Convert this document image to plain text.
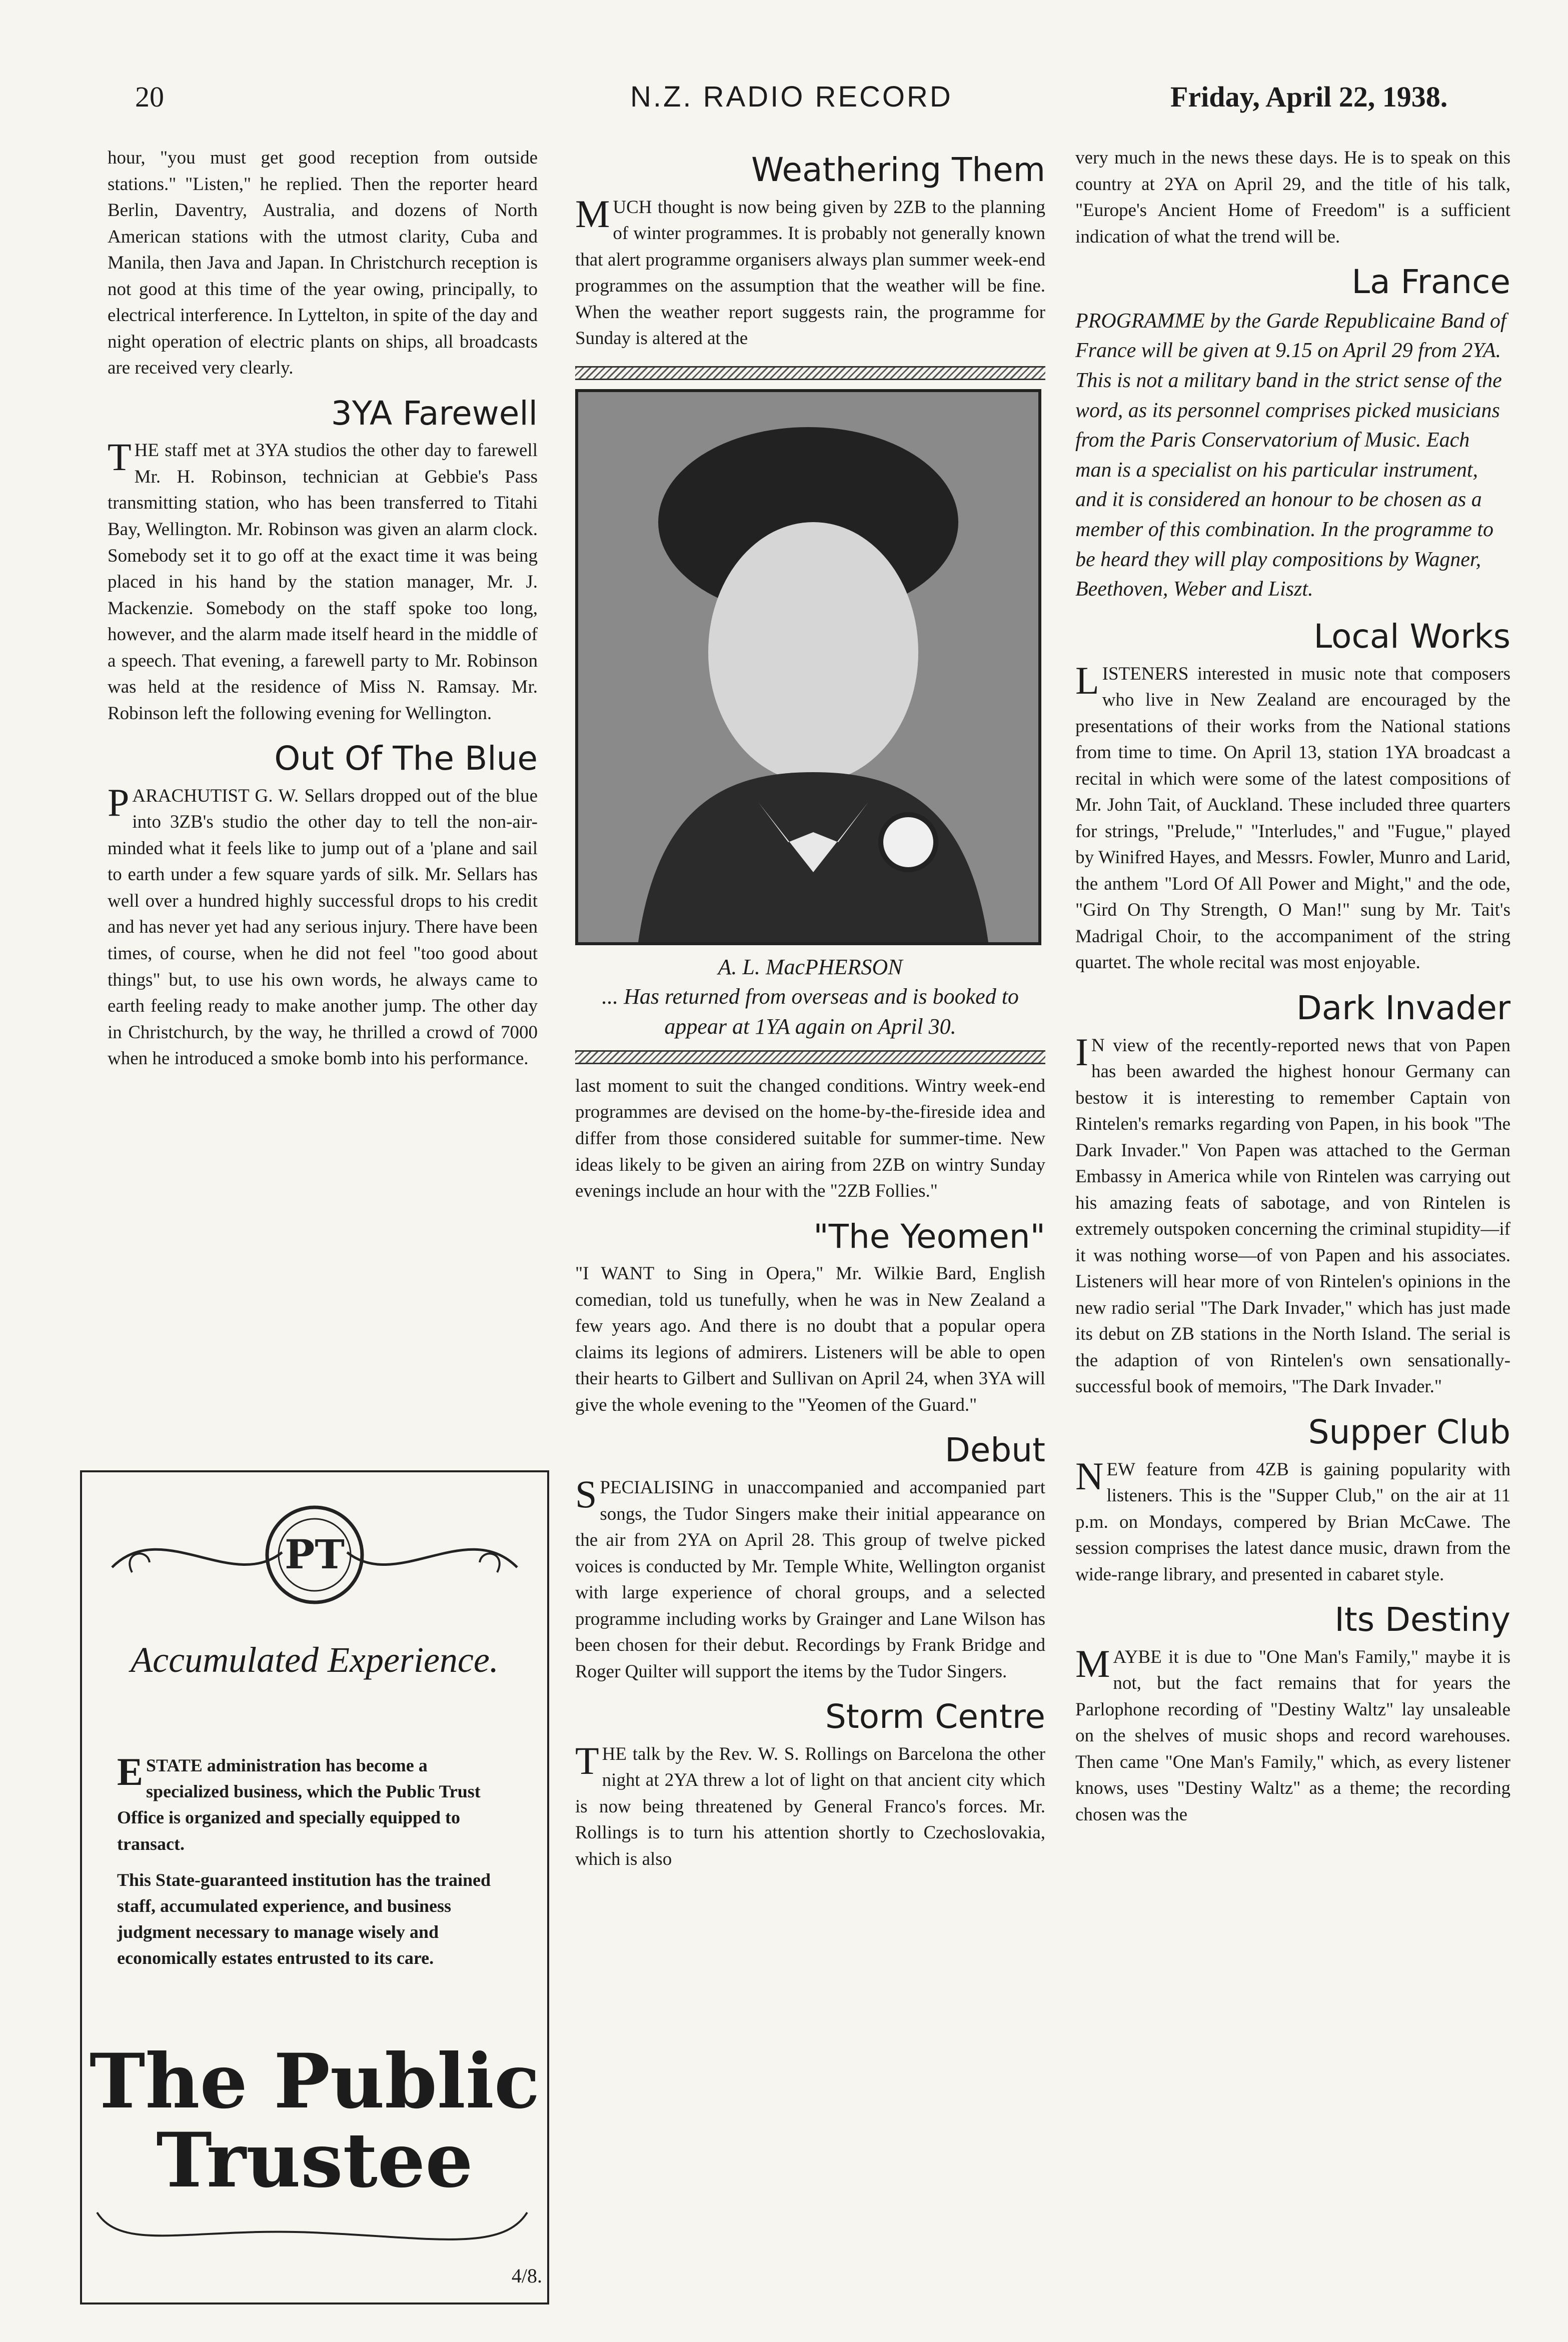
20	N.Z. RADIO RECORD	Friday, April 22, 1938.

hour, "you must get good reception from outside stations." "Listen," he replied. Then the reporter heard Berlin, Daventry, Australia, and dozens of North American stations with the utmost clarity, Cuba and Manila, then Java and Japan. In Christchurch reception is not good at this time of the year owing, principally, to electrical interference. In Lyttelton, in spite of the day and night operation of electric plants on ships, all broadcasts are received very clearly.

3YA Farewell

THE staff met at 3YA studios the other day to farewell Mr. H. Robinson, technician at Gebbie's Pass transmitting station, who has been transferred to Titahi Bay, Wellington. Mr. Robinson was given an alarm clock. Somebody set it to go off at the exact time it was being placed in his hand by the station manager, Mr. J. Mackenzie. Somebody on the staff spoke too long, however, and the alarm made itself heard in the middle of a speech. That evening, a farewell party to Mr. Robinson was held at the residence of Miss N. Ramsay. Mr. Robinson left the following evening for Wellington.

Out Of The Blue

PARACHUTIST G. W. Sellars dropped out of the blue into 3ZB's studio the other day to tell the non-air-minded what it feels like to jump out of a 'plane and sail to earth under a few square yards of silk. Mr. Sellars has well over a hundred highly successful drops to his credit and has never yet had any serious injury. There have been times, of course, when he did not feel "too good about things" but, to use his own words, he always came to earth feeling ready to make another jump. The other day in Christchurch, by the way, he thrilled a crowd of 7000 when he introduced a smoke bomb into his performance.

PT
Accumulated Experience.

ESTATE administration has become a specialized business, which the Public Trust Office is organized and specially equipped to transact.

This State-guaranteed institution has the trained staff, accumulated experience, and business judgment necessary to manage wisely and economically estates entrusted to its care.

The Public Trustee
4/8.
Weathering Them

MUCH thought is now being given by 2ZB to the planning of winter programmes. It is probably not generally known that alert programme organisers always plan summer week-end programmes on the assumption that the weather will be fine. When the weather report suggests rain, the programme for Sunday is altered at the

A. L. MacPHERSON
... Has returned from overseas and is booked to appear at 1YA again on April 30.

last moment to suit the changed conditions. Wintry week-end programmes are devised on the home-by-the-fireside idea and differ from those considered suitable for summer-time. New ideas likely to be given an airing from 2ZB on wintry Sunday evenings include an hour with the "2ZB Follies."

"The Yeomen"

"I WANT to Sing in Opera," Mr. Wilkie Bard, English comedian, told us tunefully, when he was in New Zealand a few years ago. And there is no doubt that a popular opera claims its legions of admirers. Listeners will be able to open their hearts to Gilbert and Sullivan on April 24, when 3YA will give the whole evening to the "Yeomen of the Guard."

Debut

SPECIALISING in unaccompanied and accompanied part songs, the Tudor Singers make their initial appearance on the air from 2YA on April 28. This group of twelve picked voices is conducted by Mr. Temple White, Wellington organist with large experience of choral groups, and a selected programme including works by Grainger and Lane Wilson has been chosen for their debut. Recordings by Frank Bridge and Roger Quilter will support the items by the Tudor Singers.

Storm Centre

THE talk by the Rev. W. S. Rollings on Barcelona the other night at 2YA threw a lot of light on that ancient city which is now being threatened by General Franco's forces. Mr. Rollings is to turn his attention shortly to Czechoslovakia, which is also

very much in the news these days. He is to speak on this country at 2YA on April 29, and the title of his talk, "Europe's Ancient Home of Freedom" is a sufficient indication of what the trend will be.

La France

PROGRAMME by the Garde Republicaine Band of France will be given at 9.15 on April 29 from 2YA. This is not a military band in the strict sense of the word, as its personnel comprises picked musicians from the Paris Conservatorium of Music. Each man is a specialist on his particular instrument, and it is considered an honour to be chosen as a member of this combination. In the programme to be heard they will play compositions by Wagner, Beethoven, Weber and Liszt.

Local Works

LISTENERS interested in music note that composers who live in New Zealand are encouraged by the presentations of their works from the National stations from time to time. On April 13, station 1YA broadcast a recital in which were some of the latest compositions of Mr. John Tait, of Auckland. These included three quarters for strings, "Prelude," "Interludes," and "Fugue," played by Winifred Hayes, and Messrs. Fowler, Munro and Larid, the anthem "Lord Of All Power and Might," and the ode, "Gird On Thy Strength, O Man!" sung by Mr. Tait's Madrigal Choir, to the accompaniment of the string quartet. The whole recital was most enjoyable.

Dark Invader

I N view of the recently-reported news that von Papen has been awarded the highest honour Germany can bestow it is interesting to remember Captain von Rintelen's remarks regarding von Papen, in his book "The Dark Invader." Von Papen was attached to the German Embassy in America while von Rintelen was carrying out his amazing feats of sabotage, and von Rintelen is extremely outspoken concerning the criminal stupidity—if it was nothing worse—of von Papen and his associates. Listeners will hear more of von Rintelen's opinions in the new radio serial "The Dark Invader," which has just made its debut on ZB stations in the North Island. The serial is the adaption of von Rintelen's own sensationally-successful book of memoirs, "The Dark Invader."

Supper Club

NEW feature from 4ZB is gaining popularity with listeners. This is the "Supper Club," on the air at 11 p.m. on Mondays, compered by Brian McCawe. The session comprises the latest dance music, drawn from the wide-range library, and presented in cabaret style.

Its Destiny

MAYBE it is due to "One Man's Family," maybe it is not, but the fact remains that for years the Parlophone recording of "Destiny Waltz" lay unsaleable on the shelves of music shops and record warehouses. Then came "One Man's Family," which, as every listener knows, uses "Destiny Waltz" as a theme; the recording chosen was the
